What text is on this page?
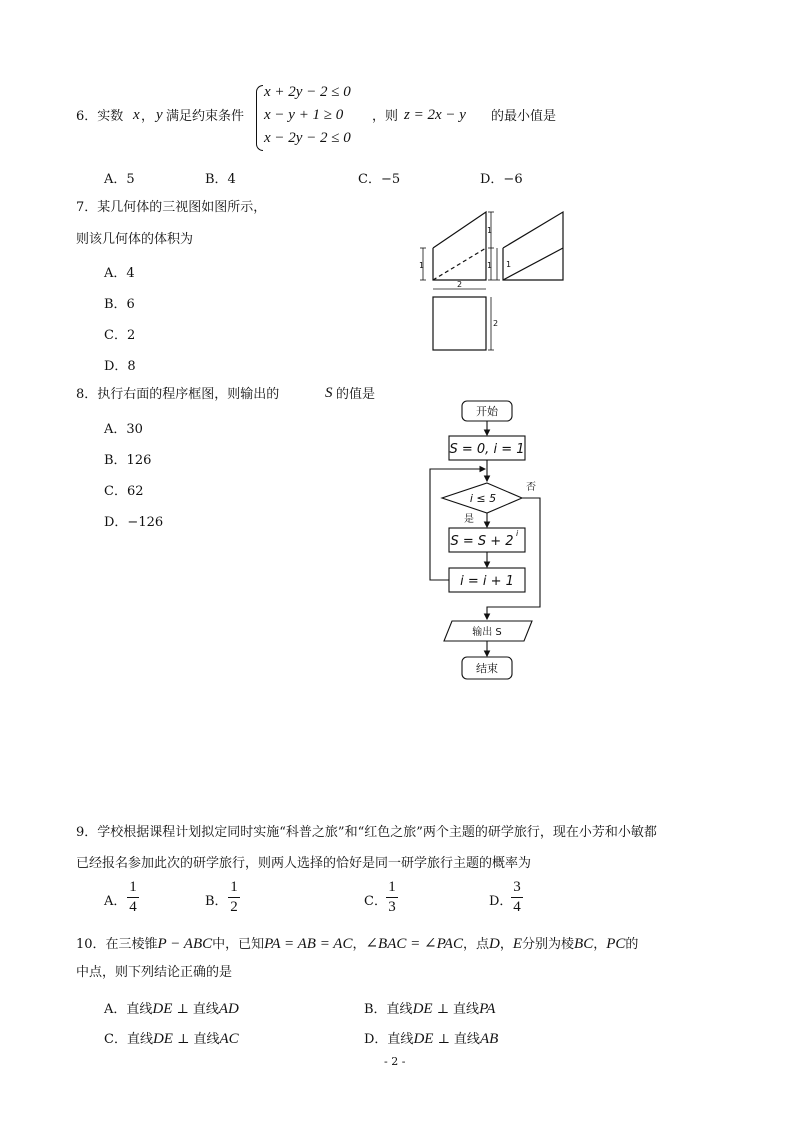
6．实数 x ， y 满足约束条件
x + 2y − 2 ≤ 0
x − y + 1 ≥ 0
x − 2y − 2 ≤ 0
，则 z = 2x − y 的最小值是
A．5	B．4	C．−5	D．−6
7．某几何体的三视图如图所示，
则该几何体的体积为
A．4
B．6
C．2
D．8
1
1
1
2
2
1
8．执行右面的程序框图，则输出的	S 的值是
A．30
B．126
C．62
D．−126
开始
S = 0, i = 1
i ≤ 5
否
是
S = S + 2
i
i = i + 1
输出 S
结束
9．学校根据课程计划拟定同时实施“科普之旅”和“红色之旅”两个主题的研学旅行，现在小芳和小敏都
已经报名参加此次的研学旅行，则两人选择的恰好是同一研学旅行主题的概率为
A．
1
4	B．
1
2	C．
1
3	D．
3
4
10．在三棱锥P − ABC中，已知PA = AB = AC，∠BAC = ∠PAC，点D，E分别为棱BC，PC的
中点，则下列结论正确的是
A．直线DE ⊥ 直线AD	B．直线DE ⊥ 直线PA
C．直线DE ⊥ 直线AC	D．直线DE ⊥ 直线AB
- 2 -
